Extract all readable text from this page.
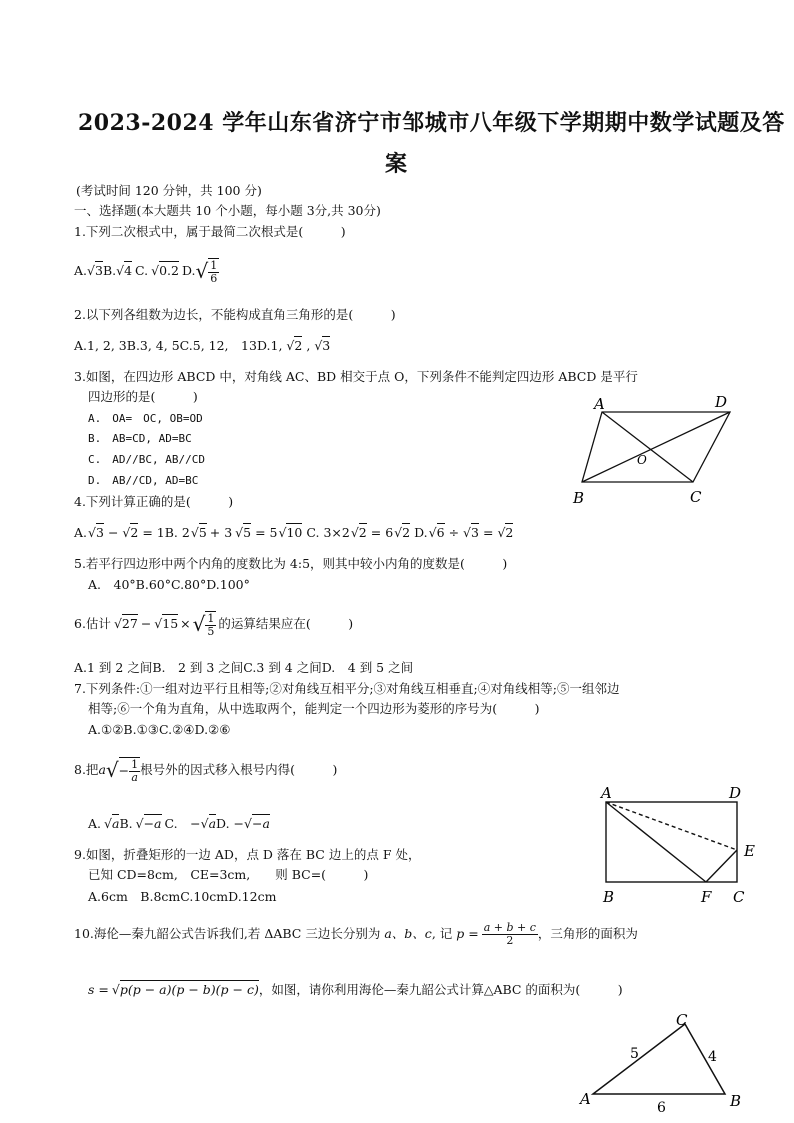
2023-2024 学年山东省济宁市邹城市八年级下学期期中数学试题及答
案
(考试时间 120 分钟，共 100 分)
一、选择题(本大题共 10 个小题，每小题 3分,共 30分)
1.下列二次根式中，属于最简二次根式是(　　　)
A. √3 B. √4 C. √0.2 D. √ $\frac{1}{6}$
2.以下列各组数为边长，不能构成直角三角形的是(　　　)
A.1, 2, 3B.3, 4, 5C.5, 12,　13D.1, √2 , √3
3.如图，在四边形 ABCD 中，对角线 AC、BD 相交于点 O，下列条件不能判定四边形 ABCD 是平行
四边形的是(　　　)
A.　OA=　OC, OB=OD
B.　AB=CD, AD=BC
C.　AD//BC, AB//CD
D.　AB//CD, AD=BC
A	D
B	C
O
4.下列计算正确的是(　　　)
A. √3 − √2 = 1B. 2 √5 + 3 √5 = 5 √10 C. 3×2 √2 = 6 √2 D. √6 ÷ √3 = √2
5.若平行四边形中两个内角的度数比为 4:5，则其中较小内角的度数是(　　　)
A.　40°B.60°C.80°D.100°
6.估计 √27 − √15 × √ $\frac{1}{5}$ 的运算结果应在(　　　)
A.1 到 2 之间B.　2 到 3 之间C.3 到 4 之间D.　4 到 5 之间
7.下列条件:①一组对边平行且相等;②对角线互相平分;③对角线互相垂直;④对角线相等;⑤一组邻边
相等;⑥一个角为直角，从中选取两个，能判定一个四边形为菱形的序号为(　　　)
A.①②B.①③C.②④D.②⑥
8.把 a √ − $\frac{1}{a}$ 根号外的因式移入根号内得(　　　)
A. √a B. √−a C.　− √a D. − √−a
A	D
E
B	F C
9.如图，折叠矩形的一边 AD，点 D 落在 BC 边上的点 F 处，
已知 CD=8cm,　CE=3cm,　　则 BC=(　　　)
A.6cm　B.8cmC.10cmD.12cm
10.海伦—秦九韶公式告诉我们,若 ΔABC 三边长分别为 a、b、c , 记 $p = \frac{a + b + c}{2}$ ，三角形的面积为
s = √p(p − a)(p − b)(p − c) ，如图，请你利用海伦—秦九韶公式计算△ABC 的面积为(　　　)
A
C
B
5	4
6
